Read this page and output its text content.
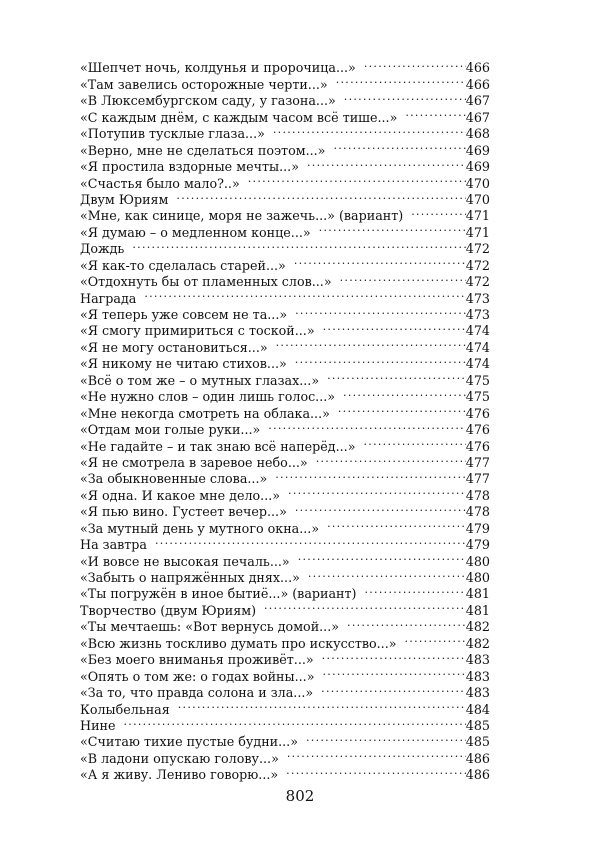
«Шепчет ночь, колдунья и пророчица...» .....	466
«Там завелись осторожные черти...» .....	466
«В Люксембургском саду, у газона...» .....	467
«С каждым днём, с каждым часом всё тише...» .....	467
«Потупив тусклые глаза...» .....	468
«Верно, мне не сделаться поэтом...» .....	469
«Я простила вздорные мечты...» .....	469
«Счастья было мало?..» .....	470
Двум Юриям .....	470
«Мне, как синице, моря не зажечь...» (вариант) .....	471
«Я думаю – о медленном конце...» .....	471
Дождь .....	472
«Я как-то сделалась старей...» .....	472
«Отдохнуть бы от пламенных слов...» .....	472
Награда .....	473
«Я теперь уже совсем не та...» .....	473
«Я смогу примириться с тоской...» .....	474
«Я не могу остановиться...» .....	474
«Я никому не читаю стихов...» .....	474
«Всё о том же – о мутных глазах...» .....	475
«Не нужно слов – один лишь голос...» .....	475
«Мне некогда смотреть на облака...» .....	476
«Отдам мои голые руки...» .....	476
«Не гадайте – и так знаю всё наперёд...» .....	476
«Я не смотрела в заревое небо...» .....	477
«За обыкновенные слова...» .....	477
«Я одна. И какое мне дело...» .....	478
«Я пью вино. Густеет вечер...» .....	478
«За мутный день у мутного окна...» .....	479
На завтра .....	479
«И вовсе не высокая печаль...» .....	480
«Забыть о напряжённых днях...» .....	480
«Ты погружён в иное бытиё...» (вариант) .....	481
Творчество (двум Юриям) .....	481
«Ты мечтаешь: «Вот вернусь домой...» .....	482
«Всю жизнь тоскливо думать про искусство...» .....	482
«Без моего вниманья проживёт...» .....	483
«Опять о том же: о годах войны...» .....	483
«За то, что правда солона и зла...» .....	483
Колыбельная .....	484
Нине .....	485
«Считаю тихие пустые будни...» .....	485
«В ладони опускаю голову...» .....	486
«А я живу. Лениво говорю...» .....	486
802
